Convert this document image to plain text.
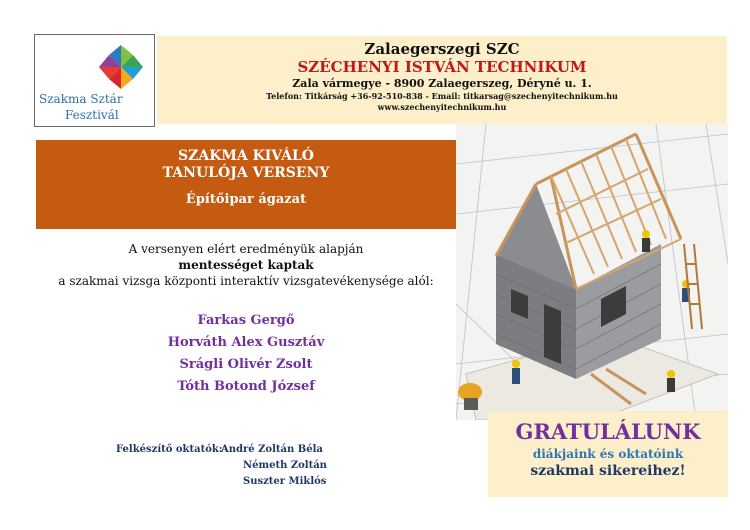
Szakma Sztár
Fesztivál
Zalaegerszegi SZC
SZÉCHENYI ISTVÁN TECHNIKUM
Zala vármegye - 8900 Zalaegerszeg, Déryné u. 1.
Telefon: Titkárság +36-92-510-838 - Email: titkarsag@szechenyitechnikum.hu
www.szechenyitechnikum.hu
SZAKMA KIVÁLÓ
TANULÓJA VERSENY
Építőipar ágazat
A versenyen elért eredményük alapján
mentességet kaptak
a szakmai vizsga központi interaktív vizsgatevékenysége alól:
Farkas Gergő
Horváth Alex Gusztáv
Srágli Olivér Zsolt
Tóth Botond József
Felkészítő oktatók:
André Zoltán Béla
Németh Zoltán
Suszter Miklós
GRATULÁLUNK
diákjaink és oktatóink
szakmai sikereihez!
